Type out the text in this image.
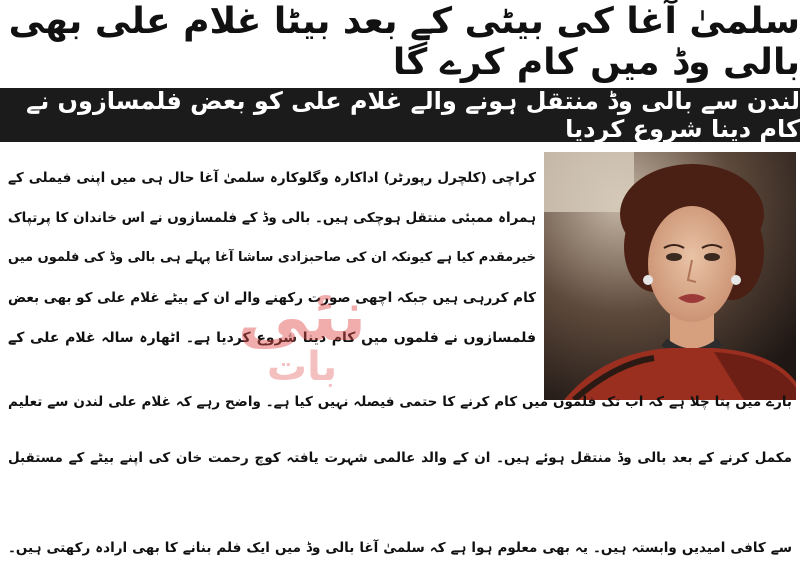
سلمیٰ آغا کی بیٹی کے بعد بیٹا غلام علی بھی بالی وڈ میں کام کرے گا
لندن سے بالی وڈ منتقل ہونے والے غلام علی کو بعض فلمسازوں نے کام دینا شروع کردیا
کراچی (کلچرل رپورٹر) اداکارہ وگلوکارہ سلمیٰ آغا حال ہی میں اپنی فیملی کے
ہمراہ ممبئی منتقل ہوچکی ہیں۔ بالی وڈ کے فلمسازوں نے اس خاندان کا پرتپاک
خیرمقدم کیا ہے کیونکہ ان کی صاحبزادی ساشا آغا پہلے ہی بالی وڈ کی فلموں میں
کام کررہی ہیں جبکہ اچھی صورت رکھنے والے ان کے بیٹے غلام علی کو بھی بعض
فلمسازوں نے فلموں میں کام دینا شروع کردیا ہے۔ اٹھارہ سالہ غلام علی کے
بارے میں پتا چلا ہے کہ اب تک فلموں میں کام کرنے کا حتمی فیصلہ نہیں کیا ہے۔ واضح رہے کہ غلام علی لندن سے تعلیم
مکمل کرنے کے بعد بالی وڈ منتقل ہوئے ہیں۔ ان کے والد عالمی شہرت یافتہ کوچ رحمت خان کی اپنے بیٹے کے مستقبل
سے کافی امیدیں وابستہ ہیں۔ یہ بھی معلوم ہوا ہے کہ سلمیٰ آغا بالی وڈ میں ایک فلم بنانے کا بھی ارادہ رکھتی ہیں۔
نئی
بات
